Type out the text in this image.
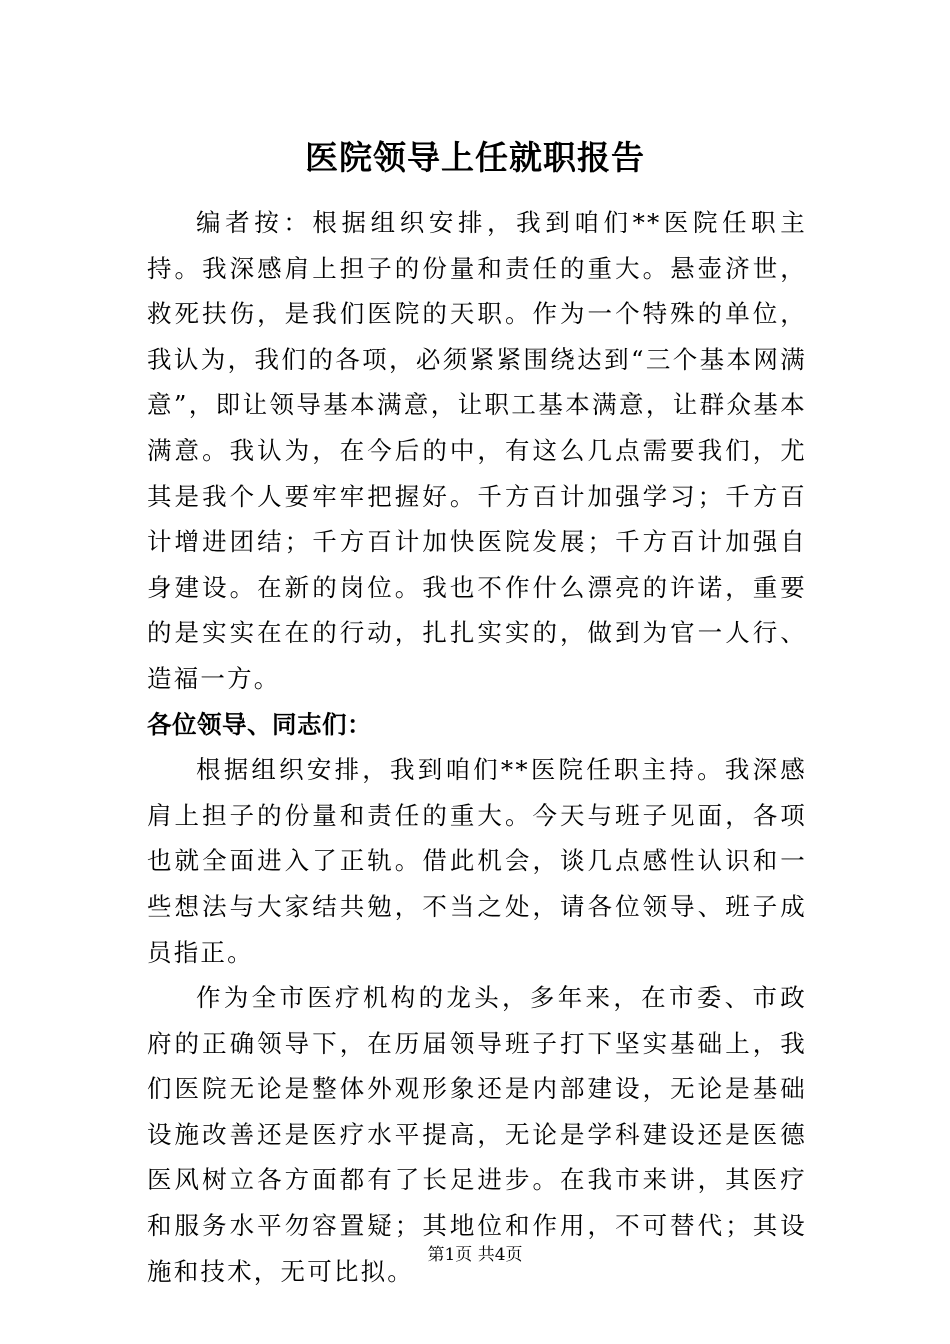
医院领导上任就职报告

编者按：根据组织安排，我到咱们**医院任职主持。我深感肩上担子的份量和责任的重大。悬壶济世，救死扶伤，是我们医院的天职。作为一个特殊的单位，我认为，我们的各项，必须紧紧围绕达到“三个基本网满意”，即让领导基本满意，让职工基本满意，让群众基本满意。我认为，在今后的中，有这么几点需要我们，尤其是我个人要牢牢把握好。千方百计加强学习；千方百计增进团结；千方百计加快医院发展；千方百计加强自身建设。在新的岗位。我也不作什么漂亮的许诺，重要的是实实在在的行动，扎扎实实的，做到为官一人行、造福一方。

各位领导、同志们：

根据组织安排，我到咱们**医院任职主持。我深感肩上担子的份量和责任的重大。今天与班子见面，各项也就全面进入了正轨。借此机会，谈几点感性认识和一些想法与大家结共勉，不当之处，请各位领导、班子成员指正。

作为全市医疗机构的龙头，多年来，在市委、市政府的正确领导下，在历届领导班子打下坚实基础上，我们医院无论是整体外观形象还是内部建设，无论是基础设施改善还是医疗水平提高，无论是学科建设还是医德医风树立各方面都有了长足进步。在我市来讲，其医疗和服务水平勿容置疑；其地位和作用，不可替代；其设施和技术，无可比拟。

第1页 共4页
